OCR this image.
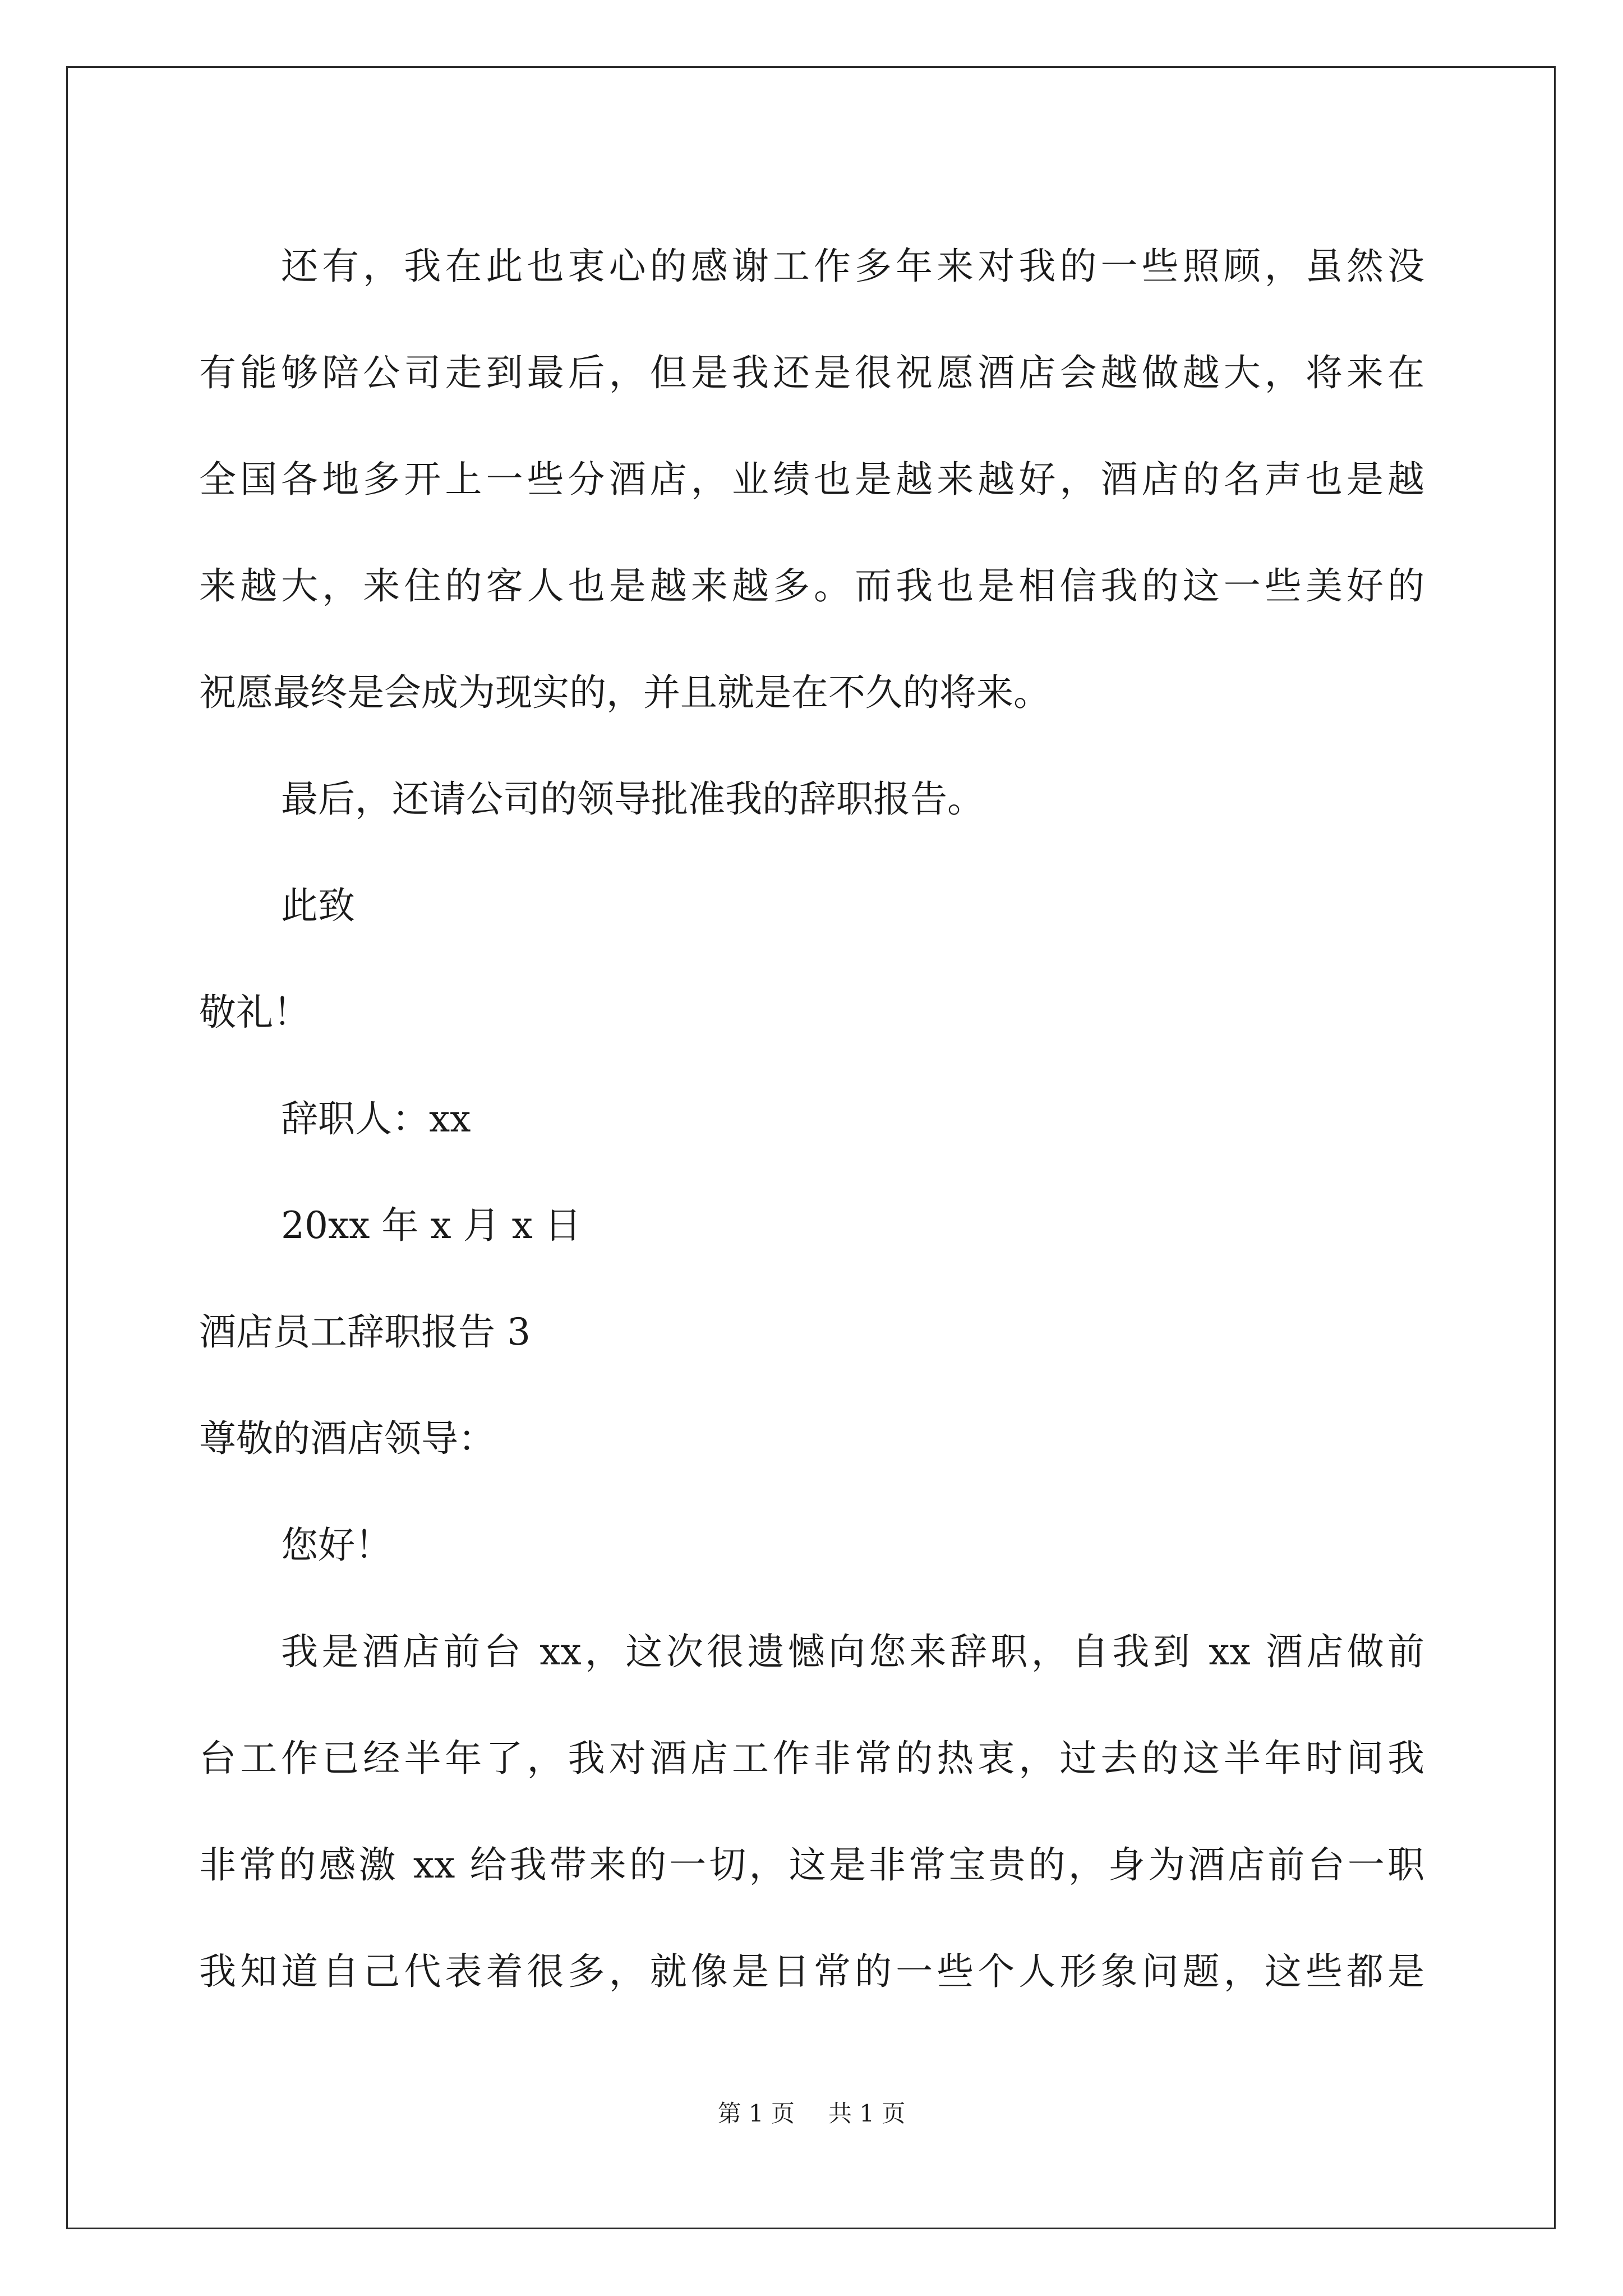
还有，我在此也衷心的感谢工作多年来对我的一些照顾，虽然没
有能够陪公司走到最后，但是我还是很祝愿酒店会越做越大，将来在
全国各地多开上一些分酒店，业绩也是越来越好，酒店的名声也是越
来越大，来住的客人也是越来越多。而我也是相信我的这一些美好的
祝愿最终是会成为现实的，并且就是在不久的将来。
最后，还请公司的领导批准我的辞职报告。
此致
敬礼！
辞职人：xx
20xx 年 x 月 x 日
酒店员工辞职报告 3
尊敬的酒店领导：
您好！
我是酒店前台 xx，这次很遗憾向您来辞职，自我到 xx 酒店做前
台工作已经半年了，我对酒店工作非常的热衷，过去的这半年时间我
非常的感激 xx 给我带来的一切，这是非常宝贵的，身为酒店前台一职
我知道自己代表着很多，就像是日常的一些个人形象问题，这些都是
第 1 页 共 1 页
